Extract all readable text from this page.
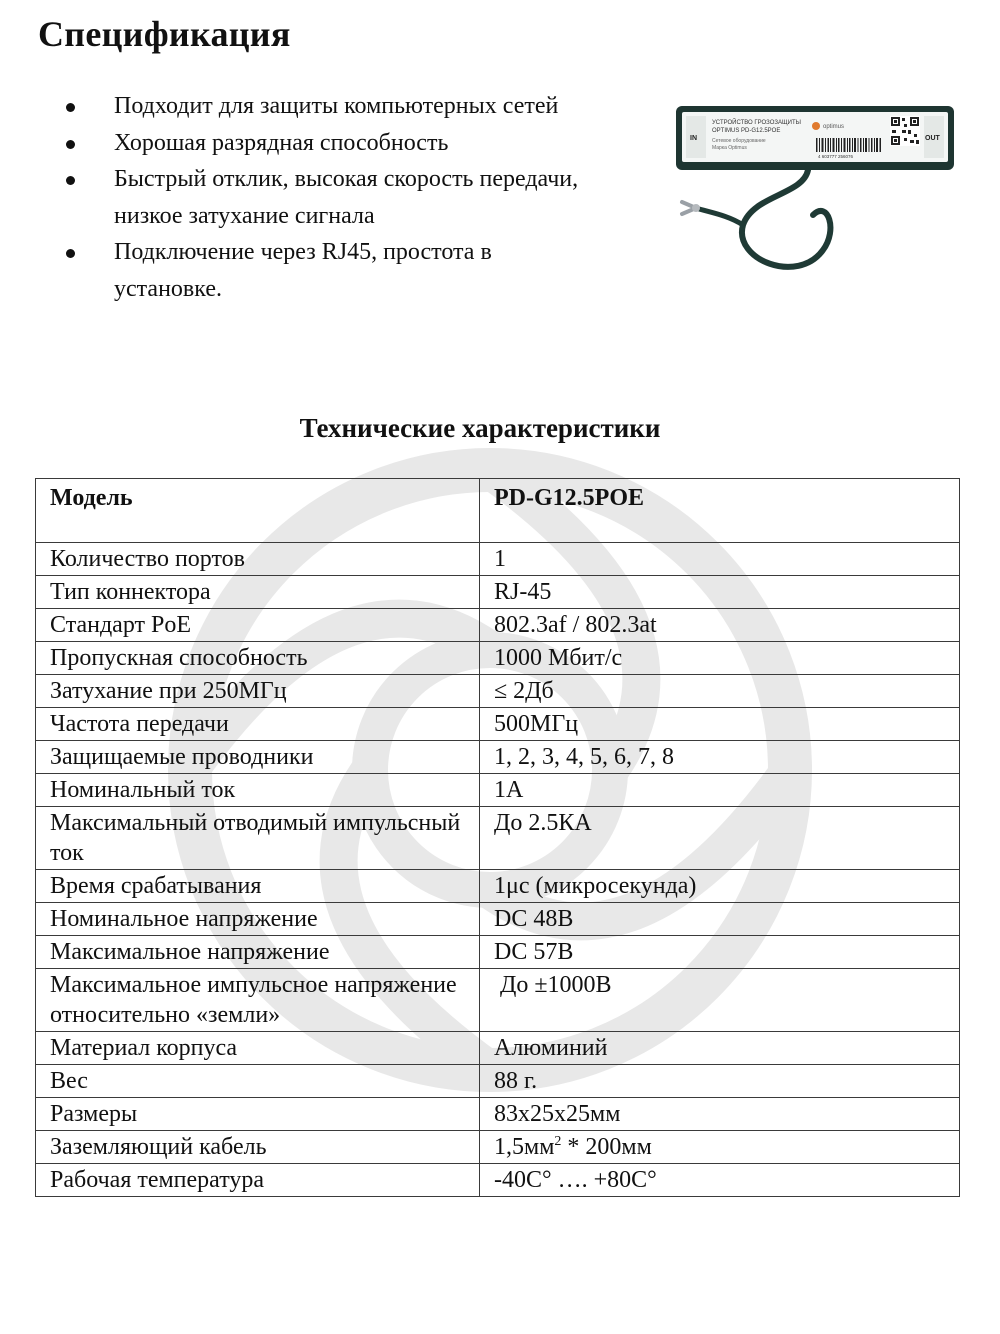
Спецификация
Подходит для защиты компьютерных сетей
Хорошая разрядная способность
Быстрый отклик, высокая скорость передачи, низкое затухание сигнала
Подключение через RJ45, простота в установке.
IN	OUT
УСТРОЙСТВО ГРОЗОЗАЩИТЫ
OPTIMUS PD-G12.5POE
Сетевое оборудование
Марка Optimus
optimus
4 603777 256076
Технические характеристики
Модель	PD-G12.5POE
Количество портов	1
Тип коннектора	RJ-45
Стандарт PoE	802.3af / 802.3at
Пропускная способность	1000 Мбит/с
Затухание при 250МГц	≤ 2Дб
Частота передачи	500МГц
Защищаемые проводники	1, 2, 3, 4, 5, 6, 7, 8
Номинальный ток	1А
Максимальный отводимый импульсный ток	До 2.5КА
Время срабатывания	1μс (микросекунда)
Номинальное напряжение	DC 48В
Максимальное напряжение	DC 57В
Максимальное импульсное напряжение относительно «земли»	До ±1000В
Материал корпуса	Алюминий
Вес	88 г.
Размеры	83х25х25мм
Заземляющий кабель	$1,5мм^2 * 200мм$
Рабочая температура	-40С° …. +80С°
